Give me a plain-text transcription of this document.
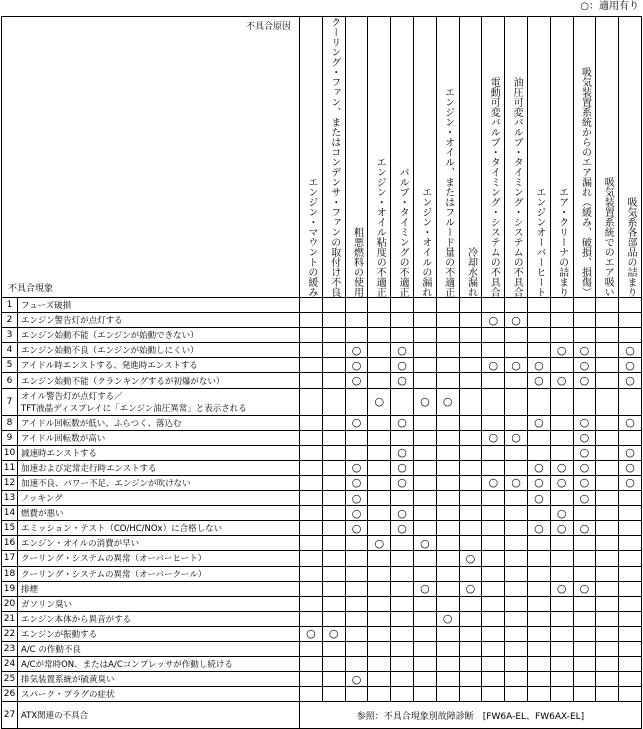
○：適用有り
不具合原因
不具合現象		エンジン・マウントの緩み	クーリング・ファン、またはコンデンサ・ファンの取付け不良	粗悪燃料の使用	エンジン・オイル粘度の不適正	バルブ・タイミングの不適正	エンジン・オイルの漏れ	エンジン・オイル、またはフルード量の不適正	冷却水漏れ	電動可変バルブ・タイミング・システムの不具合	油圧可変バルブ・タイミング・システムの不具合	エンジンオーバーヒート	エア・クリーナの詰まり	吸気装置系統からのエア漏れ（緩み、破損、損傷）	吸気装置系統でのエア吸い	吸気系各部品の詰まり

1	フューズ破損															
2	エンジン警告灯が点灯する									○	○					
3	エンジン始動不能（エンジンが始動できない）															
4	エンジン始動不良（エンジンが始動しにくい）			○		○							○	○		○
5	アイドル時エンストする、発進時エンストする			○		○				○	○	○		○		○
6	エンジン始動不能（クランキングするが初爆がない）			○		○						○	○	○		○
7	オイル警告灯が点灯する／
TFT液晶ディスプレイに「エンジン油圧異常」と表示される				○		○	○								
8	アイドル回転数が低い、ふらつく、落込む			○		○						○		○		○
9	アイドル回転数が高い									○	○			○		
10	減速時エンストする					○								○		○
11	加速および定常走行時エンストする			○		○						○	○	○		○
12	加速不良、パワー不足、エンジンが吹けない			○		○				○	○	○	○	○		○
13	ノッキング			○								○		○		
14	燃費が悪い			○		○							○			
15	エミッション・テスト（CO/HC/NOx）に合格しない			○		○						○	○	○		
16	エンジン・オイルの消費が早い				○		○									
17	クーリング・システムの異常（オーバーヒート）								○							
18	クーリング・システムの異常（オーバークール）															
19	排煙						○		○				○	○		
20	ガソリン臭い															
21	エンジン本体から異音がする							○								
22	エンジンが振動する	○	○													
23	A/C の作動不良															
24	A/Cが常時ON、またはA/Cコンプレッサが作動し続ける															
25	排気装置系統が硫黄臭い			○												
26	スパーク・プラグの症状															
27	ATX関連の不具合	参照：不具合現象別故障診断　[FW6A-EL、FW6AX-EL]														
